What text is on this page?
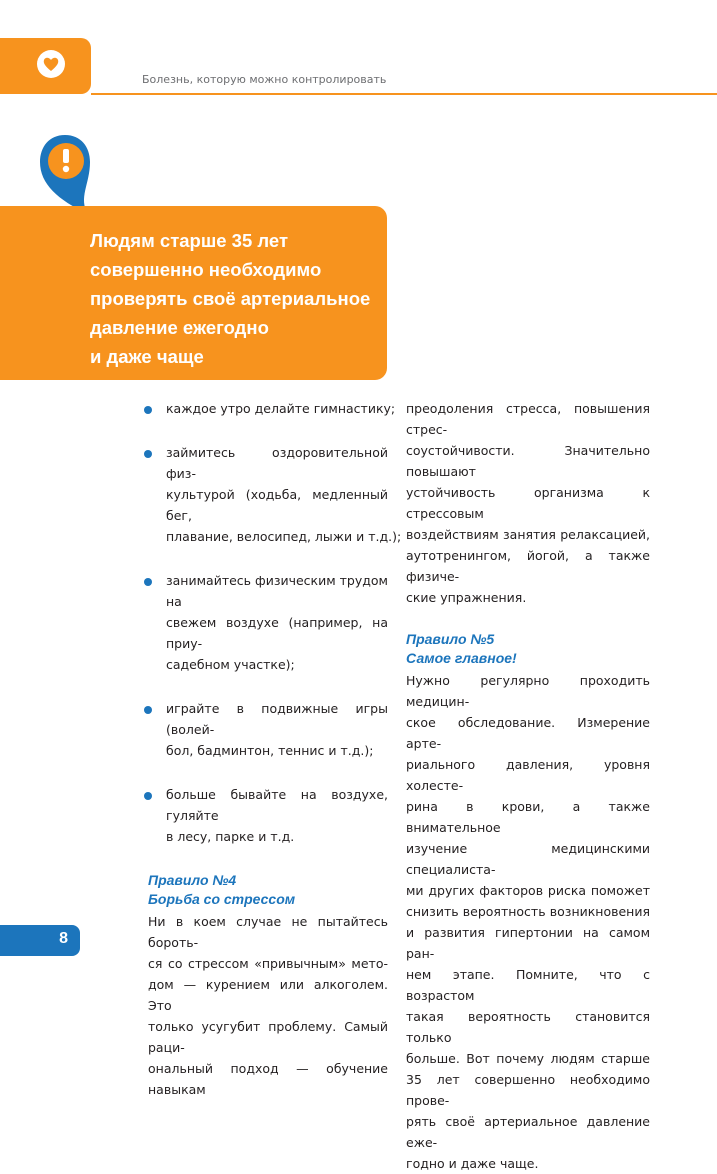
Болезнь, которую можно контролировать
Людям старше 35 лет
совершенно необходимо
проверять своё артериальное
давление ежегодно
и даже чаще
каждое утро делайте гимнастику;
займитесь оздоровительной физ-
культурой (ходьба, медленный бег,
плавание, велосипед, лыжи и т.д.);
занимайтесь физическим трудом на
свежем воздухе (например, на приу-
садебном участке);
играйте в подвижные игры (волей-
бол, бадминтон, теннис и т.д.);
больше бывайте на воздухе, гуляйте
в лесу, парке и т.д.
Правило №4
Борьба со стрессом
Ни в коем случае не пытайтесь бороть-
ся со стрессом «привычным» мето-
дом — курением или алкоголем. Это
только усугубит проблему. Самый раци-
ональный подход — обучение навыкам
преодоления стресса, повышения стрес-
соустойчивости. Значительно повышают
устойчивость организма к стрессовым
воздействиям занятия релаксацией,
аутотренингом, йогой, а также физиче-
ские упражнения.
Правило №5
Самое главное!
Нужно регулярно проходить медицин-
ское обследование. Измерение арте-
риального давления, уровня холесте-
рина в крови, а также внимательное
изучение медицинскими специалиста-
ми других факторов риска поможет
снизить вероятность возникновения
и развития гипертонии на самом ран-
нем этапе. Помните, что с возрастом
такая вероятность становится только
больше. Вот почему людям старше
35 лет совершенно необходимо прове-
рять своё артериальное давление еже-
годно и даже чаще.
8
